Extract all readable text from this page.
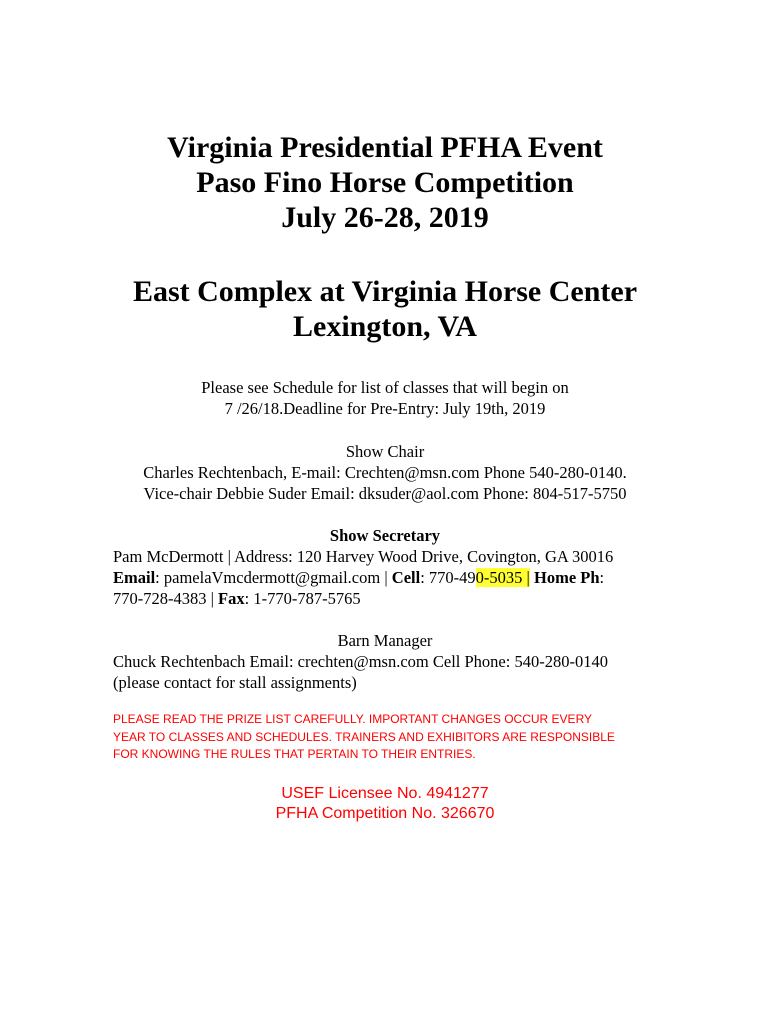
Virginia Presidential PFHA Event
Paso Fino Horse Competition
July 26-28, 2019
East Complex at Virginia Horse Center
Lexington, VA
Please see Schedule for list of classes that will begin on
7 /26/18.Deadline for Pre-Entry: July 19th, 2019
Show Chair
Charles Rechtenbach, E-mail: Crechten@msn.com Phone 540-280-0140.
Vice-chair Debbie Suder Email: dksuder@aol.com Phone: 804-517-5750
Show Secretary
Pam McDermott | Address: 120 Harvey Wood Drive, Covington, GA 30016
Email: pamelaVmcdermott@gmail.com | Cell: 770-490-5035 | Home Ph:
770-728-4383 | Fax: 1-770-787-5765
Barn Manager
Chuck Rechtenbach Email: crechten@msn.com Cell Phone: 540-280-0140
(please contact for stall assignments)
PLEASE READ THE PRIZE LIST CAREFULLY. IMPORTANT CHANGES OCCUR EVERY
YEAR TO CLASSES AND SCHEDULES. TRAINERS AND EXHIBITORS ARE RESPONSIBLE
FOR KNOWING THE RULES THAT PERTAIN TO THEIR ENTRIES.
USEF Licensee No. 4941277
PFHA Competition No. 326670
